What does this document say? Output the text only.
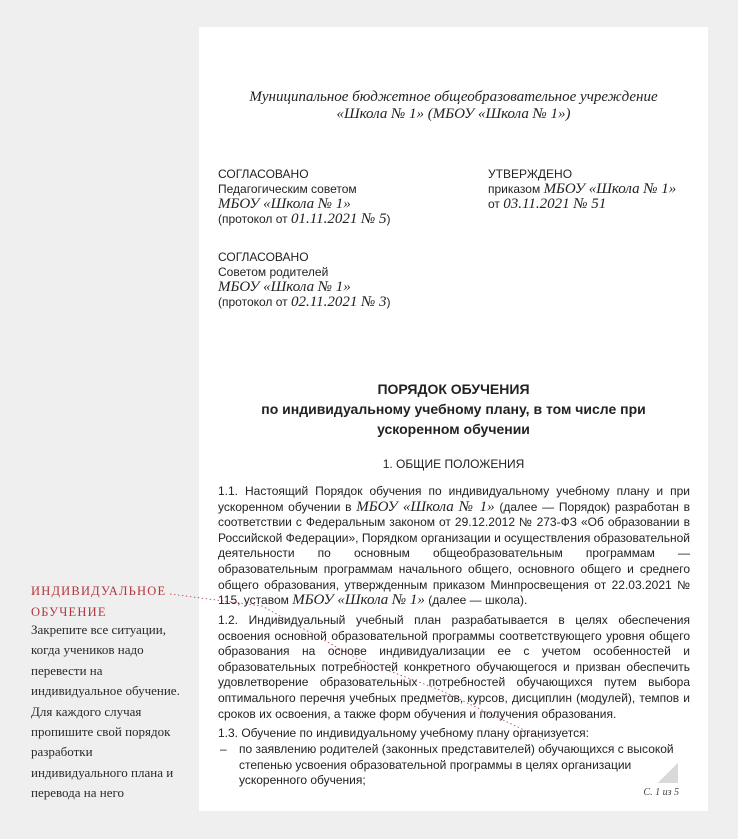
Муниципальное бюджетное общеобразовательное учреждение
«Школа № 1» (МБОУ «Школа № 1»)
СОГЛАСОВАНО
Педагогическим советом
МБОУ «Школа № 1»
(протокол от 01.11.2021 № 5)
УТВЕРЖДЕНО
приказом МБОУ «Школа № 1»
от 03.11.2021 № 51
СОГЛАСОВАНО
Советом родителей
МБОУ «Школа № 1»
(протокол от 02.11.2021 № 3)
ПОРЯДОК ОБУЧЕНИЯ
по индивидуальному учебному плану, в том числе при
ускоренном обучении
1. ОБЩИЕ ПОЛОЖЕНИЯ
1.1. Настоящий Порядок обучения по индивидуальному учебному плану и при ускоренном обучении в МБОУ «Школа № 1» (далее — Порядок) разработан в соответствии с Федеральным законом от 29.12.2012 № 273-ФЗ «Об образовании в Российской Федерации», Порядком организации и осуществления образовательной деятельности по основным общеобразовательным программам — образовательным программам начального общего, основного общего и среднего общего образования, утвержденным приказом Минпросвещения от 22.03.2021 № 115, уставом МБОУ «Школа № 1» (далее — школа).
1.2. Индивидуальный учебный план разрабатывается в целях обеспечения освоения основной образовательной программы соответствующего уровня общего образования на основе индивидуализации ее с учетом особенностей и образовательных потребностей конкретного обучающегося и призван обеспечить удовлетворение образовательных потребностей обучающихся путем выбора оптимального перечня учебных предметов, курсов, дисциплин (модулей), темпов и сроков их освоения, а также форм обучения и получения образования.
1.3. Обучение по индивидуальному учебному плану организуется:
– по заявлению родителей (законных представителей) обучающихся с высокой степенью усвоения образовательной программы в целях организации ускоренного обучения;
С. 1 из 5
ИНДИВИДУАЛЬНОЕ ОБУЧЕНИЕ
Закрепите все ситуации, когда учеников надо перевести на индивидуальное обучение. Для каждого случая пропишите свой порядок разработки индивидуального плана и перевода на него
